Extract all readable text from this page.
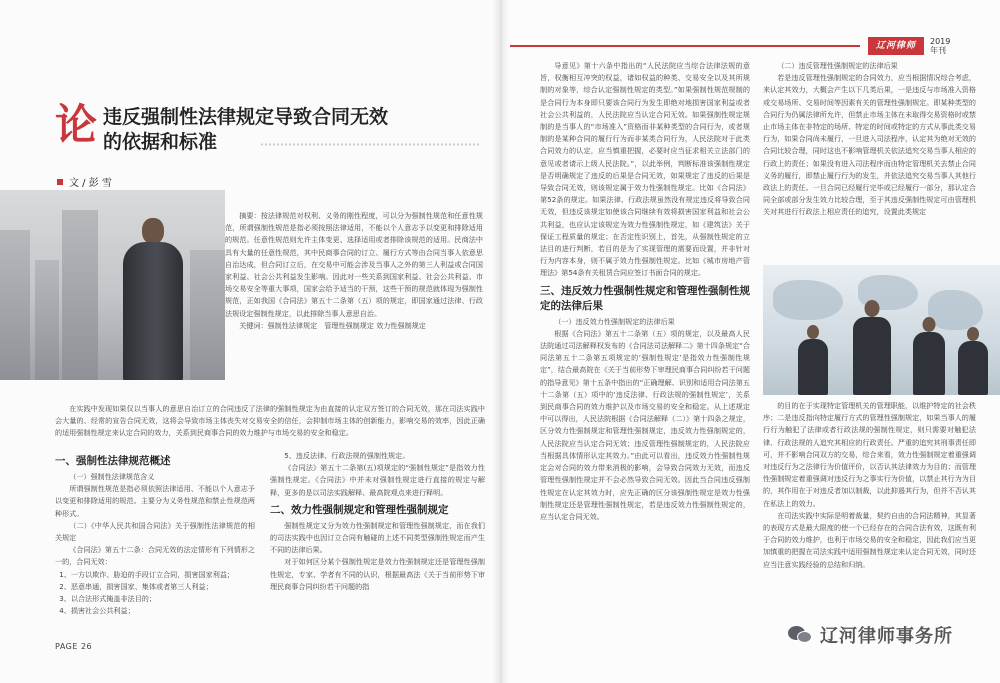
辽河律师	2019
年刊
论 违反强制性法律规定导致合同无效
的依据和标准
文 / 彭 雪

摘要：按法律规范对权利、义务的刚性程度，可以分为强制性规范和任意性规范，所谓强制性规范是指必须按照法律适用，不能以个人意志予以变更和排除适用的规范。任意性规范则允许主体变更、选择适用或者排除该规范的适用。民商法中具有大量的任意性规范，其中民商事合同的订立、履行方式等由合同当事人依意思自治达成，但合同订立后，在交易中可能会涉及当事人之外的第三人利益或合同国家利益、社会公共利益发生影响。因此对一些关系到国家利益、社会公共利益、市场交易安全等重大事项，国家会给予适当的干预，这些干预的规范就体现为强制性规范，正如我国《合同法》第五十二条第（五）项的规定，即国家通过法律、行政法规设定强制性规定，以此排除当事人意思自治。

关键词：强制性法律规定　管理性强制规定 效力性强制规定

在实践中发现如果仅以当事人的意思自治订立的合同违反了法律的强制性规定为由直接的认定双方签订的合同无效，那在司法实践中会大量的、经常的宣告合同无效，这将会导致市场主体丧失对交易安全的信任，会抑制市场主体的创新能力，影响交易的效率，因此正确的适用强制性规定来认定合同的效力，关系到民商事合同的效力维护与市场交易的安全和稳定。

一、强制性法律规范概述

（一）强制性法律规范含义

所谓强制性规范是指必须依照法律适用、不能以个人意志予以变更和排除适用的规范。主要分为义务性规范和禁止性规范两种形式。

（二）《中华人民共和国合同法》关于强制性法律规范的相关规定

《合同法》第五十二条：合同无效的法定情形有下列情形之一的，合同无效：

1、一方以欺诈、胁迫的手段订立合同，损害国家利益；

2、恶意串通，损害国家、集体或者第三人利益；

3、以合法形式掩盖非法目的；

4、损害社会公共利益；

5、违反法律、行政法规的强制性规定。

《合同法》第五十二条第(五)项规定的“强制性规定”是指效力性强制性规定。《合同法》中并未对强制性规定进行直接的规定与解释，更多的是以司法实践解释、最高院观点来进行释明。

二、效力性强制规定和管理性强制规定

强制性规定又分为效力性强制规定和管理性强制规定，而在我们的司法实践中也因订立合同有触碰的上述不同类型强制性规定而产生不同的法律后果。

对于如何区分某个强制性规定是效力性强制规定还是管理性强制性规定，专家、学者有不同的认识，根据最高法《关于当前形势下审理民商事合同纠纷若干问题的指

导意见》第十六条中指出的“人民法院应当综合法律法规的意旨，权衡相互冲突的权益，诸如权益的种类、交易安全以及其所规制的对象等，综合认定强制性规定的类型。”如果强制性规范规制的是合同行为本身即只要该合同行为发生即绝对地损害国家利益或者社会公共利益的，人民法院应当认定合同无效。如果强制性规定规制的是当事人的“市场准入”资格而非某种类型的合同行为，或者规制的是某种合同的履行行为而非某类合同行为，人民法院对于此类合同效力的认定，应当慎重把握，必要时应当征求相关立法部门的意见或者请示上级人民法院。”，以此举例，判断标准该强制性规定是否明确规定了违反的后果是合同无效，如果规定了违反的后果是导致合同无效，则该规定属于效力性强制性规定。比如《合同法》第52条的规定。如果法律、行政法规虽然没有规定违反将导致合同无效，但违反该规定如使该合同继续有效将损害国家利益和社会公共利益，也应认定该规定为效力性强制性规定，如《建筑法》关于保证工程质量的规定；在否定性识别上，首先，从强制性规定的立法目的进行判断，若目的是为了实现管理的需要而设置，并非针对行为内容本身，则不属于效力性强制性规定。比如《城市房地产管理法》第54条有关租赁合同应签订书面合同的规定。

三、违反效力性强制性规定和管理性强制性规定的法律后果

（一）违反效力性强制规定的法律后果

根据《合同法》第五十二条第（五）项的规定，以及最高人民法院通过司法解释权发布的《合同法司法解释二》第十四条规定“合同法第五十二条第五项规定的‘强制性规定’是指效力性强制性规定”，结合最高院在《关于当前形势下审理民商事合同纠纷若干问题的指导意见》第十五条中指出的“正确理解、识别和适用合同法第五十二条第（五）项中的‘违反法律、行政法规的强制性规定’，关系到民商事合同的效力维护以及市场交易的安全和稳定。从上述规定中可以得出，人民法院根据《合同法解释（二）》第十四条之规定，区分效力性强制规定和管理性强制规定，违反效力性强制规定的，人民法院应当认定合同无效；违反管理性强制规定的，人民法院应当根据具体情形认定其效力。”由此可以看出，违反效力性强制性规定会对合同的效力带来消极的影响，会导致合同效力无效，而违反管理性强制性规定并不会必然导致合同无效。因此当合同违反强制性规定在认定其效力时，应先正确的区分该强制性规定是效力性强制性规定还是管理性强制性规定，若是违反效力性强制性规定的，应当认定合同无效。

（二）违反管理性强制规定的法律后果

若是违反管理性强制规定的合同效力，应当根据情况综合考虑，来认定其效力，大概会产生以下几类后果，一是违反与市场准入资格或交易场所、交易时间等因素有关的管理性强制规定。即某种类型的合同行为仍属法律所允许，但禁止市场主体在未取得交易资格时或禁止市场主体在非特定的场所、特定的时间或特定的方式从事此类交易行为，如果合同尚未履行，一旦进入司法程序，认定其为绝对无效的合同比较合理，同时这也不影响管理机关依法追究交易当事人相应的行政上的责任；如果没有进入司法程序而由特定管理机关去禁止合同义务的履行，即禁止履行行为的发生，并依法追究交易当事人其他行政法上的责任。一旦合同已经履行完毕或已经履行一部分，那认定合同全部或部分发生效力比较合理，至于其违反强制性规定可由管理机关对其进行行政法上相应责任的追究，设置此类规定

的目的在于实现特定管理机关的管理职能，以维护特定的社会秩序；二是违反指向特定履行方式的管理性强制规定，如果当事人的履行行为触犯了法律或者行政法规的强制性规定，则只需要对触犯法律、行政法规的人追究其相应的行政责任。严重的追究其刑事责任即可，并不影响合同双方的交易，综合来看，效力性强制规定着重强调对违反行为之法律行为价值评价，以否认其法律效力为目的；而管理性强制规定着重强调对违反行为之事实行为价值，以禁止其行为为目的，其作用在于对违反者加以制裁，以此抑遏其行为，但并不否认其在私法上的效力。

在司法实践中实际是明着裁量，契约自由的合同法精神，其显著的表现方式是最大限度的使一个已经存在的合同合法有效，这既有利于合同的效力维护，也利于市场交易的安全和稳定，因此我们应当更加慎重的把握在司法实践中适用强制性规定来认定合同无效，同时还应当注意实践经验的总结和归纳。

PAGE 26	辽河律师事务所
